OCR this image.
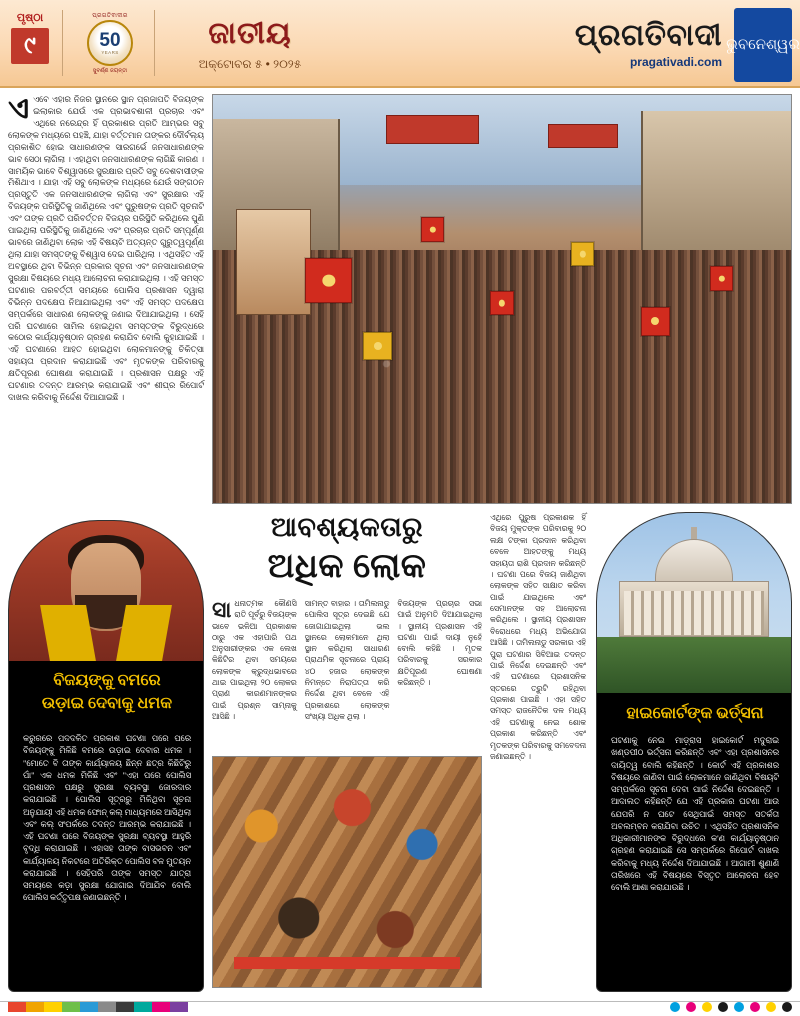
ପୃଷ୍ଠା
୯
ପ୍ରଗତିବାଦୀର
50
YEARS
ସୁବର୍ଣ୍ଣ ଜୟନ୍ତୀ
ଜାତୀୟ
ଅକ୍ଟୋବର ୫ • ୨୦୨୫
ପ୍ରଗତିବାଦୀ
pragativadi.com
ଭୁବନେଶ୍ୱର
ଏଏବେ ଏହାର ନିଜର ସ୍ଥାନରେ ସ୍ଥାନ ପ୍ରଜାପତି ବିଜୟଙ୍କ ଇଲାକାର ଯେଉଁ ଏକ ପ୍ରଭାବଶାଳୀ ପ୍ରଚାର ଏବଂ ଏଥିରେ ନରେନ୍ଦ୍ର ହିଁ ପ୍ରକାଶର ପ୍ରତି ଆମ୍ଭର ସବୁ ଲୋକଙ୍କ ମଧ୍ୟରେ ପହଞ୍ଚି, ଯାହା ବର୍ତ୍ତମାନ ତାଙ୍କର ଦୌର୍ବଲ୍ୟ ପ୍ରକାଶିତ ହୋଇ ସାଧାରଣଙ୍କ ସାରଗର୍ଭେ ଜନସାଧାରଣଙ୍କ ଭାବ ସେଠା ଲାଗିଲା । ଏହାଥିବା ଜନସାଧାରଣଙ୍କ ଲାଗିଛି କାରଣ । ସାମୟିକ ଭାବେ ବିଶ୍ୱାସରେ ସୁରକ୍ଷାର ପ୍ରତି ସବୁ ଦେଶବାସୀଙ୍କ ମିଶିଥାଏ । ଯାହା ଏହି ସବୁ ଲୋକଙ୍କ ମଧ୍ୟରେ ଯେଉଁ ସଙ୍ଗଠନ ପ୍ରସ୍ତୁତି ଏକ ଜନସାଧାରଣଙ୍କ ଲାଗିଲା ଏବଂ ସୁରକ୍ଷାର ଏହି ବିଜୟଙ୍କ ପରିସ୍ଥିତିକୁ ଜାଣିଥିଲେ ଏବଂ ପୁରୁଷଙ୍କ ପ୍ରତି ସୂଚନାଟି ଏବଂ ତାଙ୍କ ପ୍ରତି ପରିବର୍ତ୍ତନ ବିଜୟର ପରିସ୍ଥିତି କରିଥିଲେ ପୁଣି ପାଇଥିଲା ପରିସ୍ଥିତିକୁ ଜାଣିଥିଲେ ଏବଂ ପ୍ରଚାର ପ୍ରତି ସମ୍ପୂର୍ଣ୍ଣ ଭାବରେ ଜାଣିଥିବା ଲୋକ ଏହି ବିଷୟଟି ଅତ୍ୟନ୍ତ ଗୁରୁତ୍ୱପୂର୍ଣ୍ଣ ଥିଲା ଯାହା ସମସ୍ତଙ୍କୁ ବିଶ୍ୱାସ ଦେଇ ପାରିଥିଲା । ଏଥିସହିତ ଏହି ଅବସ୍ଥାରେ ଥିବା ବିଭିନ୍ନ ପ୍ରକାର ସୂଚନା ଏବଂ ଜନସାଧାରଣଙ୍କ ସୁରକ୍ଷା ବିଷୟରେ ମଧ୍ୟ ଆଲୋଚନା କରାଯାଇଥିଲା । ଏହି ସମସ୍ତ ଘଟଣାର ପରବର୍ତ୍ତୀ ସମୟରେ ପୋଲିସ ପ୍ରଶାସନ ଦ୍ୱାରା ବିଭିନ୍ନ ପଦକ୍ଷେପ ନିଆଯାଇଥିଲା ଏବଂ ଏହି ସମସ୍ତ ପଦକ୍ଷେପ ସମ୍ପର୍କରେ ସାଧାରଣ ଲୋକଙ୍କୁ ଜଣାଇ ଦିଆଯାଇଥିଲା । ସେହି ପରି ଘଟଣାରେ ସାମିଲ ହୋଇଥିବା ସମସ୍ତଙ୍କ ବିରୁଦ୍ଧରେ କଠୋର କାର୍ଯ୍ୟାନୁଷ୍ଠାନ ଗ୍ରହଣ କରାଯିବ ବୋଲି କୁହାଯାଇଛି । ଏହି ଘଟଣାରେ ଆହତ ହୋଇଥିବା ଲୋକମାନଙ୍କୁ ଚିକିତ୍ସା ସହାୟତା ପ୍ରଦାନ କରାଯାଇଛି ଏବଂ ମୃତକଙ୍କ ପରିବାରକୁ କ୍ଷତିପୂରଣ ଘୋଷଣା କରାଯାଇଛି । ପ୍ରଶାସନ ପକ୍ଷରୁ ଏହି ଘଟଣାର ତଦନ୍ତ ଆରମ୍ଭ କରାଯାଇଛି ଏବଂ ଶୀଘ୍ର ରିପୋର୍ଟ ଦାଖଲ କରିବାକୁ ନିର୍ଦ୍ଦେଶ ଦିଆଯାଇଛି ।
ବିଜୟଙ୍କୁ ବମରେ
ଉଡ଼ାଇ ଦେବାକୁ ଧମକ
କରୁରରେ ପଦଦଳିତ ପ୍ରକାଶ ଘଟଣା ପରେ ପରେ ବିଜୟଙ୍କୁ ମିଳିଛି ବମରେ ଉଡ଼ାଇ ଦେବାର ଧମକ । "ମୋତେ ବି ତାଙ୍କ କାର୍ଯ୍ୟାଳୟ ଛିନ୍ନ ଛତ୍ର କିଛିଟିରୁ ପାଁ" ଏକ ଧମକ ମିଳିଛି ଏବଂ "ଏହା ପରେ ପୋଲିସ ପ୍ରଶାସନ ପକ୍ଷରୁ ସୁରକ୍ଷା ବ୍ୟବସ୍ଥା ଜୋରଦାର କରାଯାଇଛି । ପୋଲିସ ସୂତ୍ରରୁ ମିଳିଥିବା ସୂଚନା ଅନୁଯାୟୀ ଏହି ଧମକ ଫୋନ୍ କଲ୍ ମାଧ୍ୟମରେ ଆସିଥିଲା ଏବଂ କଲ୍ ସଂପର୍କରେ ତଦନ୍ତ ଆରମ୍ଭ କରାଯାଇଛି । ଏହି ଘଟଣା ପରେ ବିଜୟଙ୍କ ସୁରକ୍ଷା ବ୍ୟବସ୍ଥା ଆହୁରି ବୃଦ୍ଧି କରାଯାଇଛି । ଏହାସହ ତାଙ୍କ ବାସଭବନ ଏବଂ କାର୍ଯ୍ୟାଳୟ ନିକଟରେ ଅତିରିକ୍ତ ପୋଲିସ ବଳ ମୁତୟନ କରାଯାଇଛି । ସେହିପରି ତାଙ୍କ ସମସ୍ତ ଯାତ୍ରା ସମୟରେ କଡ଼ା ସୁରକ୍ଷା ଯୋଗାଇ ଦିଆଯିବ ବୋଲି ପୋଲିସ କର୍ତ୍ତୃପକ୍ଷ ଜଣାଇଛନ୍ତି ।
ଆବଶ୍ୟକତାରୁ
ଅଧିକ ଲୋକ
ସାଧନାତ୍ମକ କୌଣସି ରାତି ପୂର୍ବରୁ ବିଜୟଙ୍କ ଭାବେ ଭଳିଆ ପ୍ରକାଶକ ଠାରୁ ଏକ ଏହାପାରି ପଥ ଅନୁସାରୀଙ୍କର ଏକ ଲେଖ କିଛିଟିର ଥିବା ସମୟରେ ଲୋକଙ୍କ କ୍ରୁଦ୍ଧଭାବରେ ଥାଇ ପାଇଥିଲା ୨୦ ଲୋକର ପ୍ରାଣ କାରଣମାନଙ୍କର ପାଇଁ ପ୍ରଶ୍ନ ସାମ୍ନାକୁ ଆସିଛି ।
ସାମନ୍ତ ବାହାର । ତାମିଲନାଡୁ ପୋଲିସ ସୂତ୍ର ଦେଇଛି ଯେ ଜୋଗାଯାଇଥିଲା ଭଲ ସ୍ଥାନରେ ଲୋକମାନେ ଥିଲା ସ୍ଥାନ କରିଥିଲା ସାଧାରଣ ପ୍ରାଥମିକ ସୂଚନାରେ ପ୍ରାୟ ୪୦ ହଜାର ଲୋକଙ୍କ ନିମନ୍ତେ ନିରାପତ୍ତା କରି ନିର୍ଦ୍ଦେଶ ଥିବା ବେଳେ ଏହି ପ୍ରକାଶରେ ଲୋକଙ୍କ ସଂଖ୍ୟା ଅଧିକ ଥିଲା ।
ବିଜୟଙ୍କ ପ୍ରଚାର ସଭା ପାଇଁ ଅନୁମତି ଦିଆଯାଇଥିଲା । ସ୍ଥାନୀୟ ପ୍ରଶାସନ ଏହି ଘଟଣା ପାଇଁ ଦାୟୀ ନୁହେଁ ବୋଲି କହିଛି । ମୃତକ ପରିବାରକୁ ସରକାର କ୍ଷତିପୂରଣ ଘୋଷଣା କରିଛନ୍ତି ।
ଏଥିରେ ପୁରୁଷ ପ୍ରକାଶକ ହିଁ ବିଜୟ ମୁକ୍ତଙ୍କ ପରିବାରକୁ ୨୦ ଲକ୍ଷ ଟଙ୍କା ପ୍ରଦାନ କରିଥିବା ବେଳେ ଆହତଙ୍କୁ ମଧ୍ୟ ସହାୟତା ରାଶି ପ୍ରଦାନ କରିଛନ୍ତି । ଘଟଣା ପରେ ବିଜୟ ଜାଣିଥିବା ଲୋକଙ୍କ ସହିତ ସାକ୍ଷାତ କରିବା ପାଇଁ ଯାଇଥିଲେ ଏବଂ ସେମାନଙ୍କ ସହ ଆଲୋଚନା କରିଥିଲେ । ସ୍ଥାନୀୟ ପ୍ରଶାସନ ବିରୋଧରେ ମଧ୍ୟ ଅଭିଯୋଗ ଆସିଛି । ତାମିଲନାଡୁ ସରକାର ଏହି ପୁରା ଘଟଣାର ସିବିଆଇ ତଦନ୍ତ ପାଇଁ ନିର୍ଦ୍ଦେଶ ଦେଇଛନ୍ତି ଏବଂ ଏହି ଘଟଣାରେ ପ୍ରଶାସନିକ ସ୍ତରରେ ତ୍ରୁଟି ରହିଥିବା ପ୍ରକାଶ ପାଇଛି । ଏହା ସହିତ ସମସ୍ତ ରାଜନୈତିକ ଦଳ ମଧ୍ୟ ଏହି ଘଟଣାକୁ ନେଇ ଶୋକ ପ୍ରକାଶ କରିଛନ୍ତି ଏବଂ ମୃତକଙ୍କ ପରିବାରକୁ ସମବେଦନା ଜଣାଇଛନ୍ତି ।
ହାଇକୋର୍ଟଙ୍କ ଭର୍ତ୍ସନା
ଘଟଣାକୁ ନେଇ ମାଡ଼୍ରାସ ହାଇକୋର୍ଟ ମଦୁରାଇ ଖଣ୍ଡପୀଠ ଭର୍ତ୍ସନା କରିଛନ୍ତି ଏବଂ ଏହା ପ୍ରଶାସନର ଦାୟିତ୍ୱ ବୋଲି କହିଛନ୍ତି । କୋର୍ଟ ଏହି ପ୍ରକାଶର ବିଷୟରେ ଜାଣିବା ପାଇଁ ଲୋକମାନେ ଜାଣିଥିବା ବିଷୟଟି ସମ୍ପର୍କରେ ସୂଚନା ଦେବା ପାଇଁ ନିର୍ଦ୍ଦେଶ ଦେଇଛନ୍ତି । ଆଦାଲତ କହିଛନ୍ତି ଯେ ଏହି ପ୍ରକାର ଘଟଣା ଆଉ ଯେପରି ନ ଘଟେ ସେଥିପାଇଁ ସମସ୍ତ ସତର୍କତା ଅବଲମ୍ବନ କରାଯିବା ଉଚିତ । ଏଥିସହିତ ପ୍ରଶାସନିକ ଅଧିକାରୀମାନଙ୍କ ବିରୁଦ୍ଧରେ କ'ଣ କାର୍ଯ୍ୟାନୁଷ୍ଠାନ ଗ୍ରହଣ କରାଯାଇଛି ସେ ସମ୍ପର୍କରେ ରିପୋର୍ଟ ଦାଖଲ କରିବାକୁ ମଧ୍ୟ ନିର୍ଦ୍ଦେଶ ଦିଆଯାଇଛି । ଆଗାମୀ ଶୁଣାଣି ତାରିଖରେ ଏହି ବିଷୟରେ ବିସ୍ତୃତ ଆଲୋଚନା ହେବ ବୋଲି ଆଶା କରାଯାଉଛି ।
